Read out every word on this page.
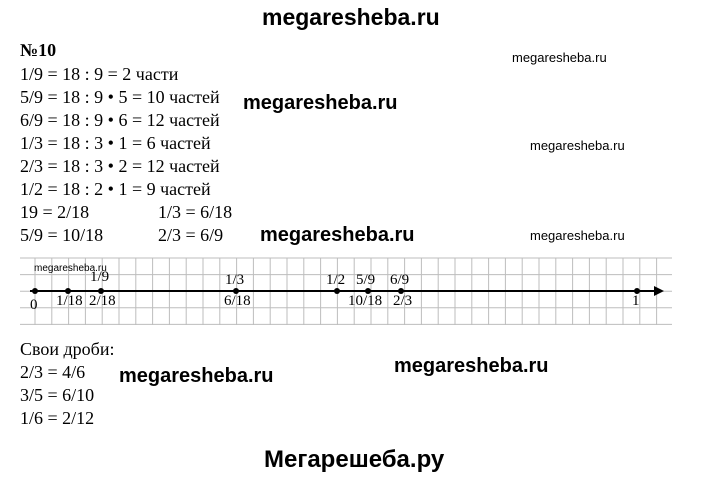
megaresheba.ru
№10
1/9 = 18 : 9 = 2 части
5/9 = 18 : 9 • 5 = 10 частей
6/9 = 18 : 9 • 6 = 12 частей
1/3 = 18 : 3 • 1 = 6 частей
2/3 = 18 : 3 • 2 = 12 частей
1/2 = 18 : 2 • 1 = 9 частей
19 = 2/18	1/3 = 6/18
5/9 = 10/18	2/3 = 6/9
megaresheba.ru
megaresheba.ru
megaresheba.ru
megaresheba.ru	megaresheba.ru
1/9	1/3	1/2 5/9 6/9
0 1/18 2/18	6/18	10/18 2/3	1
megaresheba.ru
Свои дроби:
2/3 = 4/6
3/5 = 6/10
1/6 = 2/12
megaresheba.ru	megaresheba.ru
Мегарешеба.ру
